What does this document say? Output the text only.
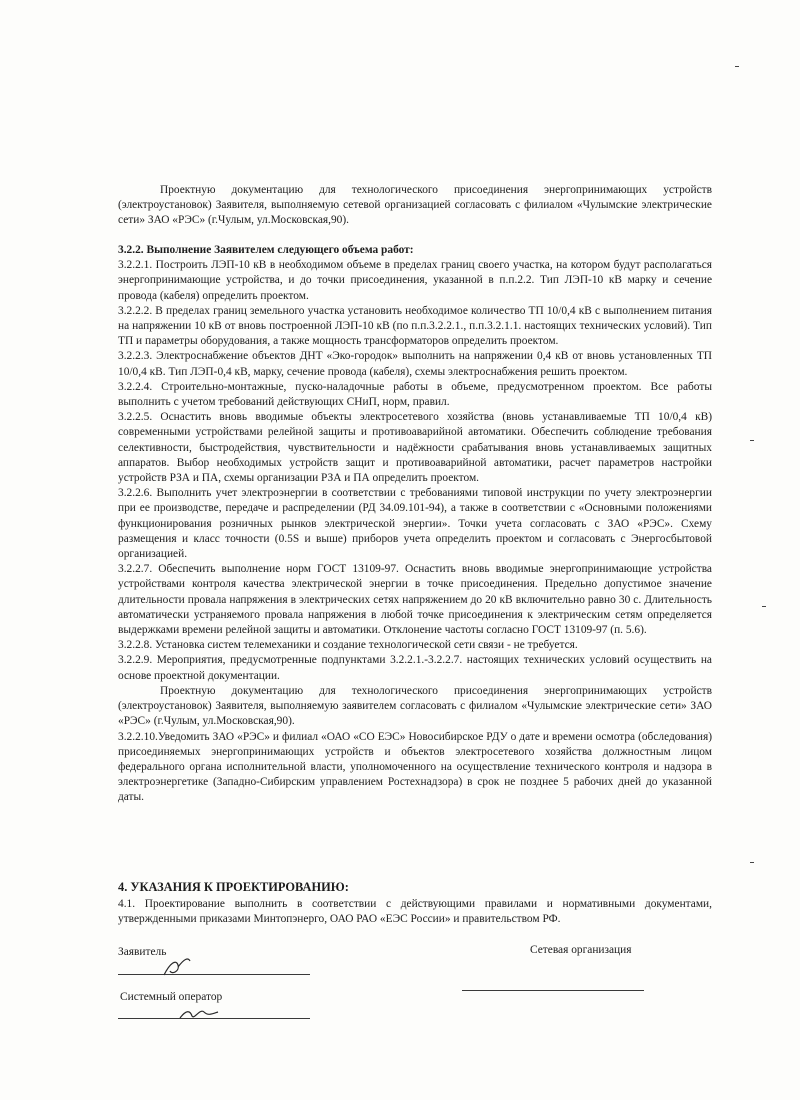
Проектную документацию для технологического присоединения энергопринимающих устройств (электроустановок) Заявителя, выполняемую сетевой организацией согласовать с филиалом «Чулымские электрические сети» ЗАО «РЭС» (г.Чулым, ул.Московская,90).

3.2.2. Выполнение Заявителем следующего объема работ:

3.2.2.1. Построить ЛЭП-10 кВ в необходимом объеме в пределах границ своего участка, на котором будут располагаться энергопринимающие устройства, и до точки присоединения, указанной в п.п.2.2. Тип ЛЭП-10 кВ марку и сечение провода (кабеля) определить проектом.

3.2.2.2. В пределах границ земельного участка установить необходимое количество ТП 10/0,4 кВ с выполнением питания на напряжении 10 кВ от вновь построенной ЛЭП-10 кВ (по п.п.3.2.2.1., п.п.3.2.1.1. настоящих технических условий). Тип ТП и параметры оборудования, а также мощность трансформаторов определить проектом.

3.2.2.3. Электроснабжение объектов ДНТ «Эко-городок» выполнить на напряжении 0,4 кВ от вновь установленных ТП 10/0,4 кВ. Тип ЛЭП-0,4 кВ, марку, сечение провода (кабеля), схемы электроснабжения решить проектом.

3.2.2.4. Строительно-монтажные, пуско-наладочные работы в объеме, предусмотренном проектом. Все работы выполнить с учетом требований действующих СНиП, норм, правил.

3.2.2.5. Оснастить вновь вводимые объекты электросетевого хозяйства (вновь устанавливаемые ТП 10/0,4 кВ) современными устройствами релейной защиты и противоаварийной автоматики. Обеспечить соблюдение требования селективности, быстродействия, чувствительности и надёжности срабатывания вновь устанавливаемых защитных аппаратов. Выбор необходимых устройств защит и противоаварийной автоматики, расчет параметров настройки устройств РЗА и ПА, схемы организации РЗА и ПА определить проектом.

3.2.2.6. Выполнить учет электроэнергии в соответствии с требованиями типовой инструкции по учету электроэнергии при ее производстве, передаче и распределении (РД 34.09.101-94), а также в соответствии с «Основными положениями функционирования розничных рынков электрической энергии». Точки учета согласовать с ЗАО «РЭС». Схему размещения и класс точности (0.5S и выше) приборов учета определить проектом и согласовать с Энергосбытовой организацией.

3.2.2.7. Обеспечить выполнение норм ГОСТ 13109-97. Оснастить вновь вводимые энергопринимающие устройства устройствами контроля качества электрической энергии в точке присоединения. Предельно допустимое значение длительности провала напряжения в электрических сетях напряжением до 20 кВ включительно равно 30 с. Длительность автоматически устраняемого провала напряжения в любой точке присоединения к электрическим сетям определяется выдержками времени релейной защиты и автоматики. Отклонение частоты согласно ГОСТ 13109-97 (п. 5.6).

3.2.2.8. Установка систем телемеханики и создание технологической сети связи - не требуется.

3.2.2.9. Мероприятия, предусмотренные подпунктами 3.2.2.1.-3.2.2.7. настоящих технических условий осуществить на основе проектной документации.

Проектную документацию для технологического присоединения энергопринимающих устройств (электроустановок) Заявителя, выполняемую заявителем согласовать с филиалом «Чулымские электрические сети» ЗАО «РЭС» (г.Чулым, ул.Московская,90).

3.2.2.10.Уведомить ЗАО «РЭС» и филиал «ОАО «СО ЕЭС» Новосибирское РДУ о дате и времени осмотра (обследования) присоединяемых энергопринимающих устройств и объектов электросетевого хозяйства должностным лицом федерального органа исполнительной власти, уполномоченного на осуществление технического контроля и надзора в электроэнергетике (Западно-Сибирским управлением Ростехнадзора) в срок не позднее 5 рабочих дней до указанной даты.

4. УКАЗАНИЯ К ПРОЕКТИРОВАНИЮ:

4.1. Проектирование выполнить в соответствии с действующими правилами и нормативными документами, утвержденными приказами Минтопэнерго, ОАО РАО «ЕЭС России» и правительством РФ.

Заявитель	Сетевая организация
Системный оператор
